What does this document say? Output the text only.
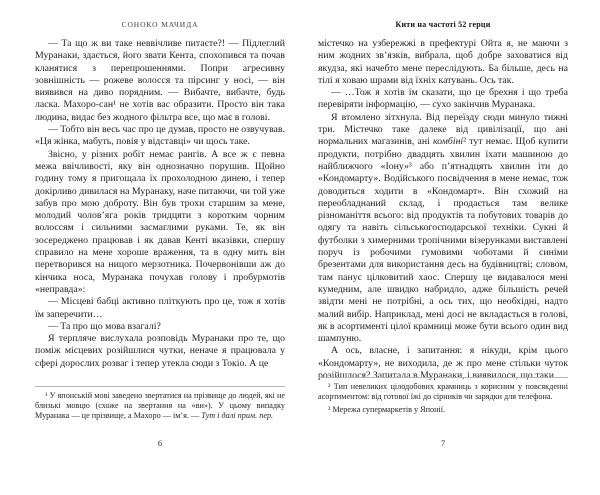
СОНОКО МАЧИДА

— Та що ж ви таке неввічливе питаєте?! — Підлеглий Муранаки, здається, його звати Кента, спохопився та почав кланятися з перепрошеннями. Попри агресивну зовнішність — рожеве волосся та пірсинг у носі, — він виявився на диво порядним. — Вибачте, вибачте, будь ласка. Махоро-сан¹ не хотів вас образити. Просто він така людина, видає без жодного фільтра все, що має в голові.

— Тобто він весь час про це думав, просто не озвучував. «Ця жінка, мабуть, повія у відставці» чи щось таке.

Звісно, у різних робіт немає рангів. А все ж є певна межа ввічливості, яку він однозначно порушив. Щойно годину тому я пригощала їх прохолодною динею, і тепер докірливо дивилася на Муранаку, наче питаючи, чи той уже забув про мою доброту. Він був трохи старшим за мене, молодий чоловʼяга років тридцяти з коротким чорним волоссям і сильними засмаглими руками. Те, як він зосереджено працював і як давав Кенті вказівки, спершу справило на мене хороше враження, та в одну мить він перетворився на ницого мерзотника. Почервонівши аж до кінчика носа, Муранака почухав голову і пробурмотів «неправда»:

— Місцеві бабці активно пліткують про це, тож я хотів їм заперечити…

— Та про що мова взагалі?

Я терпляче вислухала розповідь Муранаки про те, що поміж місцевих розійшлися чутки, неначе я працювала у сфері дорослих розваг і тепер утекла сюди з Токіо. А це

¹ У японській мові заведено звертатися на прізвище до людей, які не близькі мовцю (схоже на звертання на «ви»). У цьому випадку Муранака — це прізвище, а Махоро — імʼя. — Тут і далі прим. пер.

6
Кити на частоті 52 герци

містечко на узбережжі в префектурі Ойта я, не маючи з ним жодних звʼязків, вибрала, щоб добре заховатися від якудза, які начебто мене переслідують. Ба більше, десь на тілі я ховаю шрами від їхніх катувань. Ось так.

— …Тож я хотів їм сказати, що це брехня і що треба перевіряти інформацію, — сухо закінчив Муранака.

Я втомлено зітхнула. Від переїзду сюди минуло тижні три. Містечко таке далеке від цивілізації, що ані нормальних магазинів, ані комбіні² тут немає. Щоб купити продукти, потрібно двадцять хвилин їхати машиною до найближчого «Іону»³ або пʼятнадцять хвилин іти до «Кондомарту». Водійського посвідчення в мене немає, тож доводиться ходити в «Кондомарт». Він схожий на переобладнаний склад, і продається там велике різноманіття всього: від продуктів та побутових товарів до одягу та навіть сільськогосподарської техніки. Сукні й футболки з химерними тропічними візерунками виставлені поруч із робочими гумовими чоботами й синіми брезентами для використання десь на будівництві; словом, там панує цілковитий хаос. Спершу це видавалося мені кумедним, але швидко набридло, адже більшість речей звідти мені не потрібні, а ось тих, що необхідні, надто малий вибір. Наприклад, мені досі не вкладається в голові, як в асортименті цілої крамниці може бути всього один вид шампуню.

А ось, власне, і запитання: я нікуди, крім цього «Кондомарту», не виходила, де ж про мене стільки чуток розійшлося? Запитала в Муранаки, і виявилося, що таки

² Тип невеликих цілодобових крамниць з корисним у повсякденні асортиментом: від готової їжі до сірників чи зарядки для телефона.

³ Мережа супермаркетів у Японії.

7
